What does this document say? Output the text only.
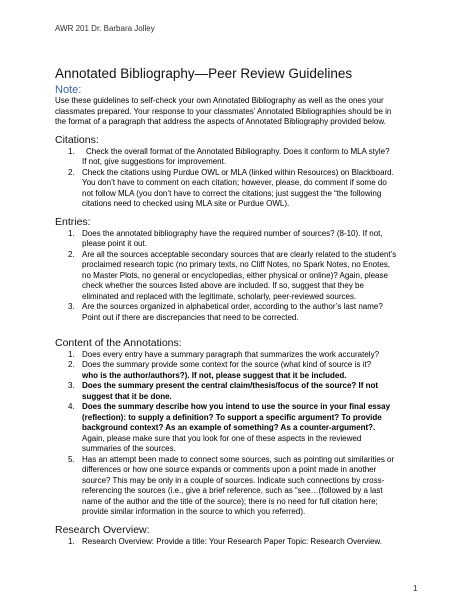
AWR 201 Dr. Barbara Jolley
Annotated Bibliography—Peer Review Guidelines
Note:
Use these guidelines to self-check your own Annotated Bibliography as well as the ones your
classmates prepared. Your response to your classmates’ Annotated Bibliographies should be in
the format of a paragraph that address the aspects of Annotated Bibliography provided below.
Citations:
1. Check the overall format of the Annotated Bibliography. Does it conform to MLA style?
If not, give suggestions for improvement.
2. Check the citations using Purdue OWL or MLA (linked within Resources) on Blackboard.
You don’t have to comment on each citation; however, please, do comment if some do
not follow MLA (you don’t have to correct the citations; just suggest the “the following
citations need to checked using MLA site or Purdue OWL).
Entries:
1. Does the annotated bibliography have the required number of sources? (8-10). If not,
please point it out.
2. Are all the sources acceptable secondary sources that are clearly related to the student’s
proclaimed research topic (no primary texts, no Cliff Notes, no Spark Notes, no Enotes,
no Master Plots, no general or encyclopedias, either physical or online)? Again, please
check whether the sources listed above are included. If so, suggest that they be
eliminated and replaced with the legitimate, scholarly, peer-reviewed sources.
3. Are the sources organized in alphabetical order, according to the author’s last name?
Point out if there are discrepancies that need to be corrected.
Content of the Annotations:
1. Does every entry have a summary paragraph that summarizes the work accurately?
2. Does the summary provide some context for the source (what kind of source is it?
who is the author/authors?). If not, please suggest that it be included.
3. Does the summary present the central claim/thesis/focus of the source? If not
suggest that it be done.
4. Does the summary describe how you intend to use the source in your final essay
(reflection): to supply a definition? To support a specific argument? To provide
background context? As an example of something? As a counter-argument?.
Again, please make sure that you look for one of these aspects in the reviewed
summaries of the sources.
5. Has an attempt been made to connect some sources, such as pointing out similarities or
differences or how one source expands or comments upon a point made in another
source? This may be only in a couple of sources. Indicate such connections by cross-
referencing the sources (i.e., give a brief reference, such as “see…(followed by a last
name of the author and the title of the source); there is no need for full citation here;
provide similar information in the source to which you referred).
Research Overview:
1. Research Overview: Provide a title: Your Research Paper Topic: Research Overview.
1
